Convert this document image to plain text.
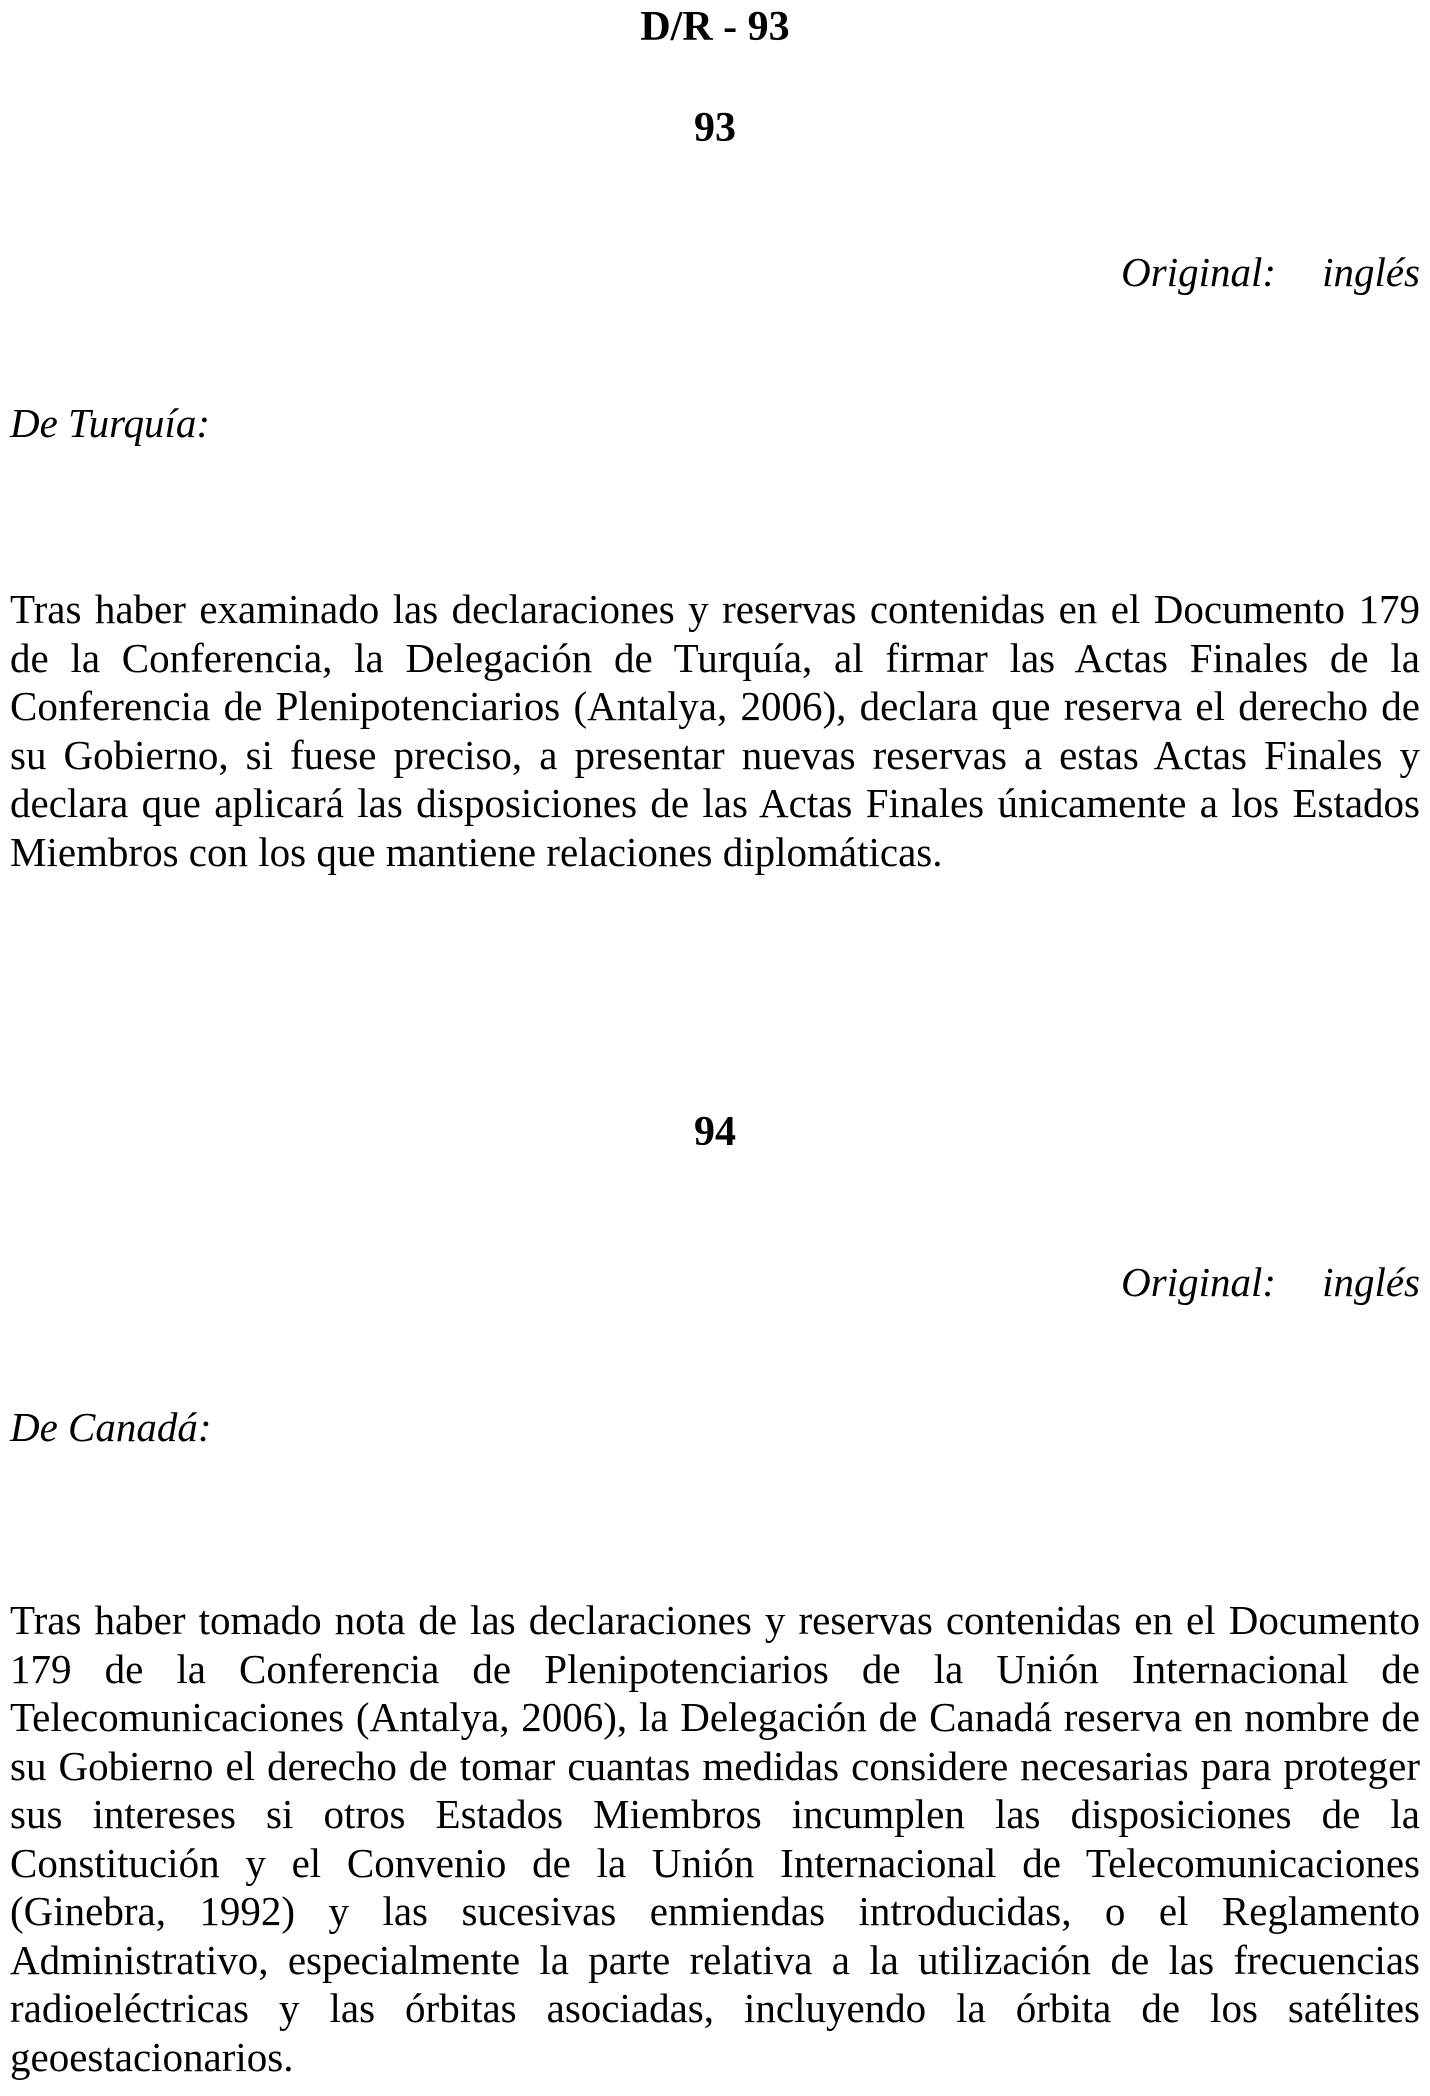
D/R - 93
93
Original: inglés
De Turquía:
Tras haber examinado las declaraciones y reservas contenidas en el Documento 179 de la Conferencia, la Delegación de Turquía, al firmar las Actas Finales de la Conferencia de Plenipotenciarios (Antalya, 2006), declara que reserva el derecho de su Gobierno, si fuese preciso, a presentar nuevas reservas a estas Actas Finales y declara que aplicará las disposiciones de las Actas Finales únicamente a los Estados Miembros con los que mantiene relaciones diplomáticas.
94
Original: inglés
De Canadá:
Tras haber tomado nota de las declaraciones y reservas contenidas en el Documento 179 de la Conferencia de Plenipotenciarios de la Unión Internacional de Telecomunicaciones (Antalya, 2006), la Delegación de Canadá reserva en nombre de su Gobierno el derecho de tomar cuantas medidas considere necesarias para proteger sus intereses si otros Estados Miembros incumplen las disposiciones de la Constitución y el Convenio de la Unión Internacional de Telecomunicaciones (Ginebra, 1992) y las sucesivas enmiendas introducidas, o el Reglamento Administrativo, especialmente la parte relativa a la utilización de las frecuencias radioeléctricas y las órbitas asociadas, incluyendo la órbita de los satélites geoestacionarios.
